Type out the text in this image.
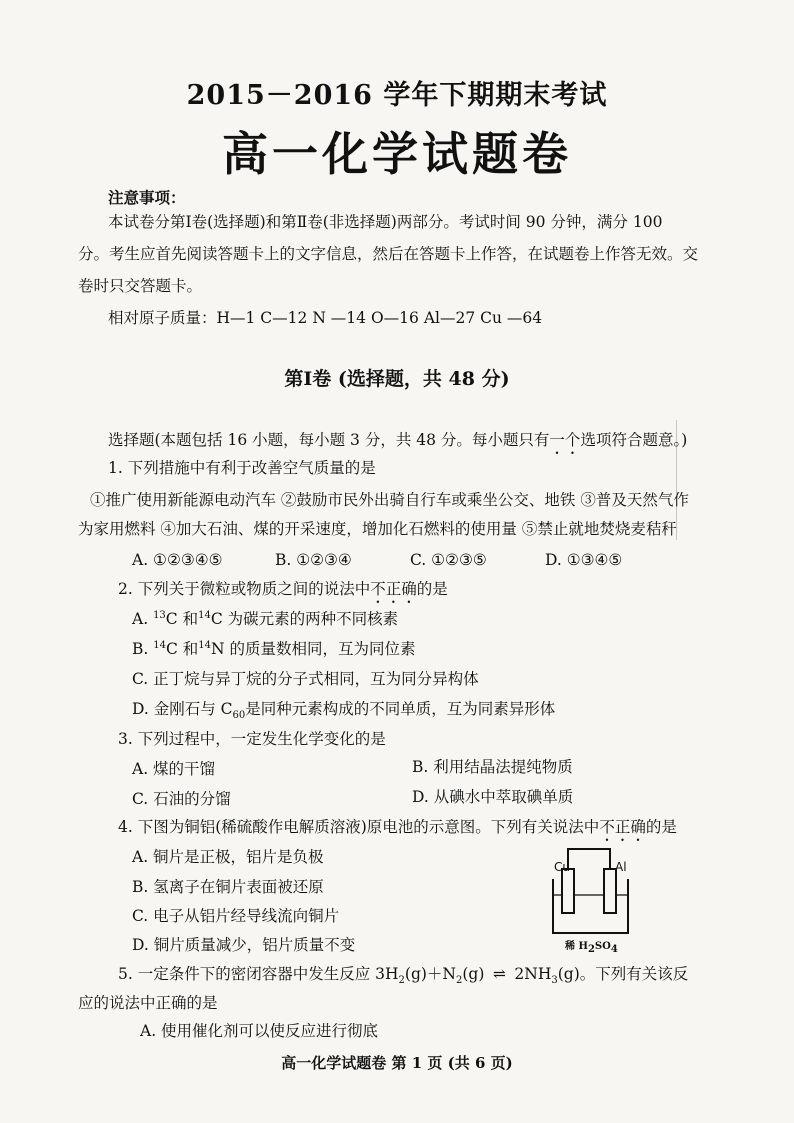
2015－2016 学年下期期末考试
高一化学试题卷
注意事项：
本试卷分第Ⅰ卷(选择题)和第Ⅱ卷(非选择题)两部分。考试时间 90 分钟，满分 100
分。考生应首先阅读答题卡上的文字信息，然后在答题卡上作答，在试题卷上作答无效。交
卷时只交答题卡。
相对原子质量：H—1 C—12 N —14 O—16 Al—27 Cu —64
第Ⅰ卷 (选择题，共 48 分)
选择题(本题包括 16 小题，每小题 3 分，共 48 分。每小题只有一个选项符合题意。)
1. 下列措施中有利于改善空气质量的是
①推广使用新能源电动汽车 ②鼓励市民外出骑自行车或乘坐公交、地铁 ③普及天然气作
为家用燃料 ④加大石油、煤的开采速度，增加化石燃料的使用量 ⑤禁止就地焚烧麦秸秆
A. ①②③④⑤	B. ①②③④	C. ①②③⑤	D. ①③④⑤
2. 下列关于微粒或物质之间的说法中不正确的是
A. $^{13}$C 和$^{14}$C 为碳元素的两种不同核素
B. $^{14}$C 和$^{14}$N 的质量数相同，互为同位素
C. 正丁烷与异丁烷的分子式相同，互为同分异构体
D. 金刚石与 $C_{60}$是同种元素构成的不同单质，互为同素异形体
3. 下列过程中，一定发生化学变化的是
A. 煤的干馏	B. 利用结晶法提纯物质
C. 石油的分馏	D. 从碘水中萃取碘单质
4. 下图为铜铝(稀硫酸作电解质溶液)原电池的示意图。下列有关说法中不正确的是
A. 铜片是正极，铝片是负极
B. 氢离子在铜片表面被还原
C. 电子从铝片经导线流向铜片
D. 铜片质量减少，铝片质量不变
Cu	Al
稀 $H_2SO_4$
5. 一定条件下的密闭容器中发生反应 $3H_2(g)+N_2(g)$ ⇌ $2NH_3(g)$。下列有关该反
应的说法中正确的是
A. 使用催化剂可以使反应进行彻底
高一化学试题卷 第 1 页 (共 6 页)
